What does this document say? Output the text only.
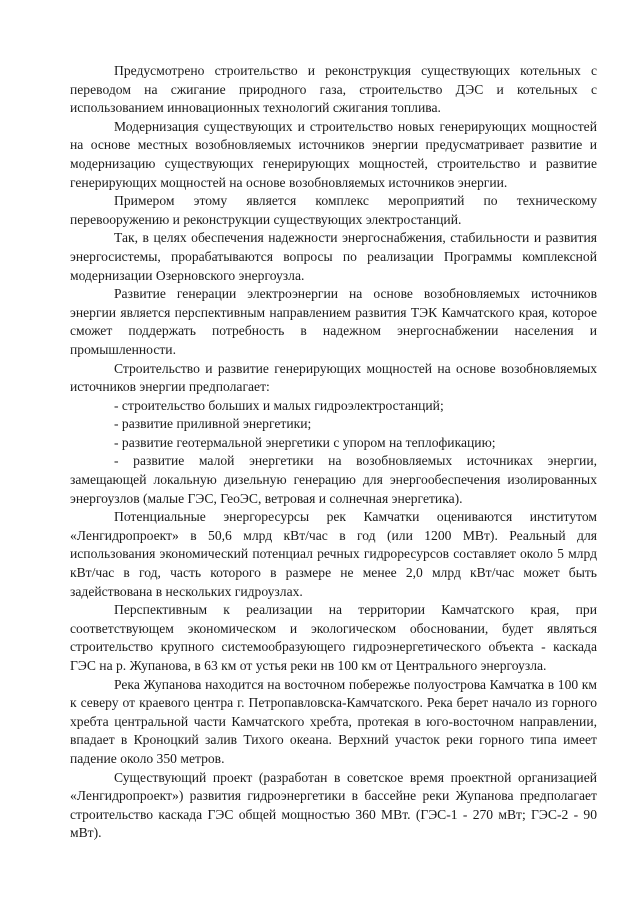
Предусмотрено строительство и реконструкция существующих котельных с переводом на сжигание природного газа, строительство ДЭС и котельных с использованием инновационных технологий сжигания топлива.

Модернизация существующих и строительство новых генерирующих мощностей на основе местных возобновляемых источников энергии предусматривает развитие и модернизацию существующих генерирующих мощностей, строительство и развитие генерирующих мощностей на основе возобновляемых источников энергии.

Примером этому является комплекс мероприятий по техническому перевооружению и реконструкции существующих электростанций.

Так, в целях обеспечения надежности энергоснабжения, стабильности и развития энергосистемы, прорабатываются вопросы по реализации Программы комплексной модернизации Озерновского энергоузла.

Развитие генерации электроэнергии на основе возобновляемых источников энергии является перспективным направлением развития ТЭК Камчатского края, которое сможет поддержать потребность в надежном энергоснабжении населения и промышленности.

Строительство и развитие генерирующих мощностей на основе возобновляемых источников энергии предполагает:

- строительство больших и малых гидроэлектростанций;

- развитие приливной энергетики;

- развитие геотермальной энергетики с упором на теплофикацию;

- развитие малой энергетики на возобновляемых источниках энергии, замещающей локальную дизельную генерацию для энергообеспечения изолированных энергоузлов (малые ГЭС, ГеоЭС, ветровая и солнечная энергетика).

Потенциальные энергоресурсы рек Камчатки оцениваются институтом «Ленгидропроект» в 50,6 млрд кВт/час в год (или 1200 МВт). Реальный для использования экономический потенциал речных гидроресурсов составляет около 5 млрд кВт/час в год, часть которого в размере не менее 2,0 млрд кВт/час может быть задействована в нескольких гидроузлах.

Перспективным к реализации на территории Камчатского края, при соответствующем экономическом и экологическом обосновании, будет являться строительство крупного системообразующего гидроэнергетического объекта - каскада ГЭС на р. Жупанова, в 63 км от устья реки нв 100 км от Центрального энергоузла.

Река Жупанова находится на восточном побережье полуострова Камчатка в 100 км к северу от краевого центра г. Петропавловска-Камчатского. Река берет начало из горного хребта центральной части Камчатского хребта, протекая в юго-восточном направлении, впадает в Кроноцкий залив Тихого океана. Верхний участок реки горного типа имеет падение около 350 метров.

Существующий проект (разработан в советское время проектной организацией «Ленгидропроект») развития гидроэнергетики в бассейне реки Жупанова предполагает строительство каскада ГЭС общей мощностью 360 МВт. (ГЭС-1 - 270 мВт; ГЭС-2 - 90 мВт).
